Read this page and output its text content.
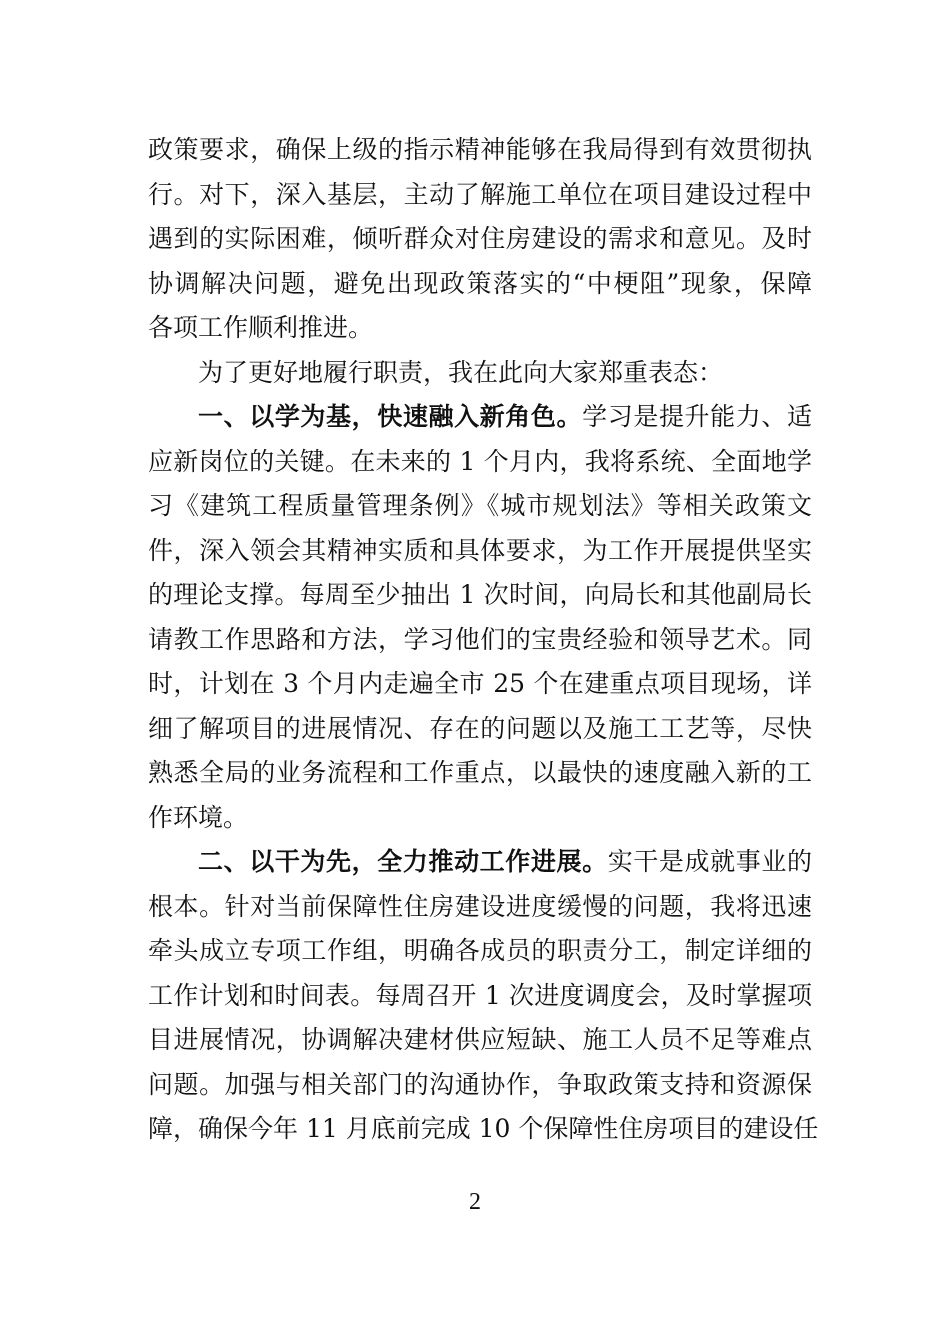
政策要求，确保上级的指示精神能够在我局得到有效贯彻执
行。对下，深入基层，主动了解施工单位在项目建设过程中
遇到的实际困难，倾听群众对住房建设的需求和意见。及时
协调解决问题，避免出现政策落实的“中梗阻”现象，保障
各项工作顺利推进。
为了更好地履行职责，我在此向大家郑重表态：
一、以学为基，快速融入新角色。学习是提升能力、适
应新岗位的关键。在未来的 1 个月内，我将系统、全面地学
习《建筑工程质量管理条例》《城市规划法》等相关政策文
件，深入领会其精神实质和具体要求，为工作开展提供坚实
的理论支撑。每周至少抽出 1 次时间，向局长和其他副局长
请教工作思路和方法，学习他们的宝贵经验和领导艺术。同
时，计划在 3 个月内走遍全市 25 个在建重点项目现场，详
细了解项目的进展情况、存在的问题以及施工工艺等，尽快
熟悉全局的业务流程和工作重点，以最快的速度融入新的工
作环境。
二、以干为先，全力推动工作进展。实干是成就事业的
根本。针对当前保障性住房建设进度缓慢的问题，我将迅速
牵头成立专项工作组，明确各成员的职责分工，制定详细的
工作计划和时间表。每周召开 1 次进度调度会，及时掌握项
目进展情况，协调解决建材供应短缺、施工人员不足等难点
问题。加强与相关部门的沟通协作，争取政策支持和资源保
障，确保今年 11 月底前完成 10 个保障性住房项目的建设任
2
